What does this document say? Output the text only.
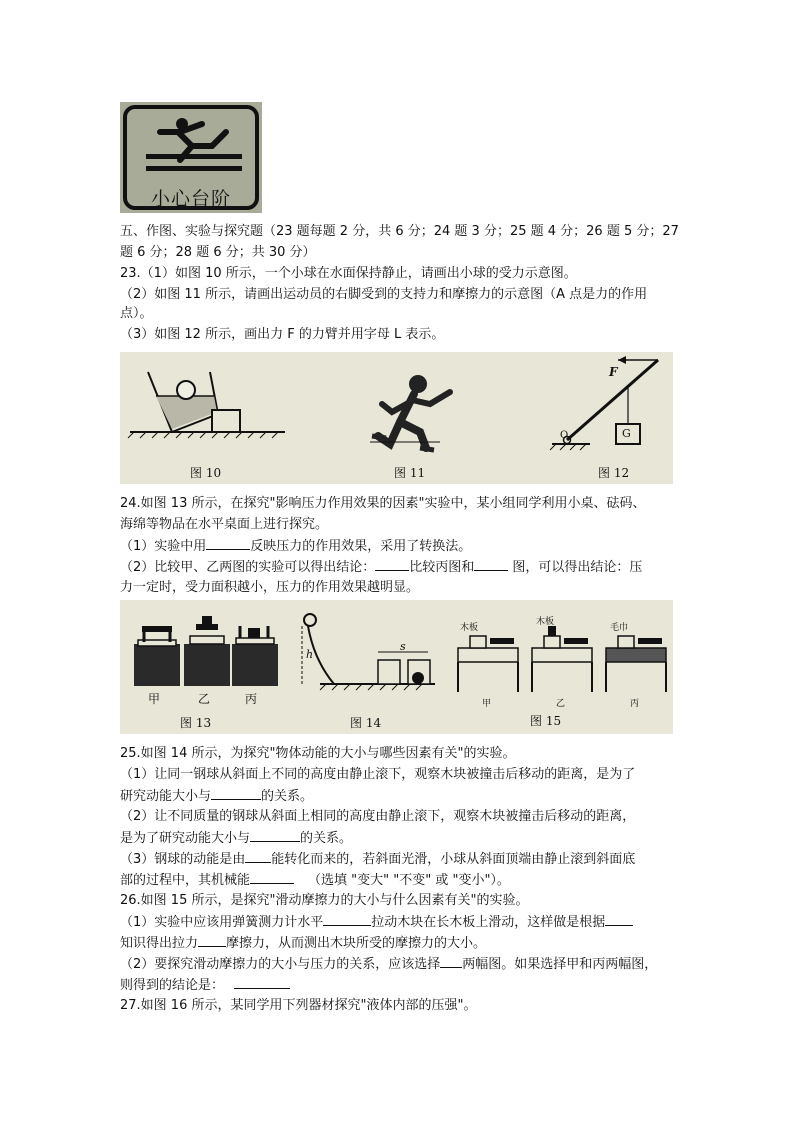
小心台阶
五、作图、实验与探究题（23 题每题 2 分，共 6 分；24 题 3 分；25 题 4 分；26 题 5 分；27
题 6 分；28 题 6 分；共 30 分）
23.（1）如图 10 所示，一个小球在水面保持静止，请画出小球的受力示意图。
（2）如图 11 所示，请画出运动员的右脚受到的支持力和摩擦力的示意图（A 点是力的作用
点）。
（3）如图 12 所示，画出力 F 的力臂并用字母 L 表示。
图 10	图 11	图 12
F
O	G
24.如图 13 所示，在探究"影响压力作用效果的因素"实验中，某小组同学利用小桌、砝码、
海绵等物品在水平桌面上进行探究。
（1）实验中用	反映压力的作用效果，采用了转换法。
（2）比较甲、乙两图的实验可以得出结论：	比较丙图和	图，可以得出结论：压
力一定时，受力面积越小，压力的作用效果越明显。
甲	乙	丙
图 13	图 14	图 15
h
s
木板
木板
毛巾
甲	乙	丙
25.如图 14 所示，为探究"物体动能的大小与哪些因素有关"的实验。
（1）让同一钢球从斜面上不同的高度由静止滚下，观察木块被撞击后移动的距离，是为了
研究动能大小与	的关系。
（2）让不同质量的钢球从斜面上相同的高度由静止滚下，观察木块被撞击后移动的距离，
是为了研究动能大小与	的关系。
（3）钢球的动能是由 能转化而来的，若斜面光滑，小球从斜面顶端由静止滚到斜面底
部的过程中，其机械能	（选填 "变大" "不变" 或 "变小"）。
26.如图 15 所示，是探究"滑动摩擦力的大小与什么因素有关"的实验。
（1）实验中应该用弹簧测力计水平	拉动木块在长木板上滑动，这样做是根据
知识得出拉力 摩擦力，从而测出木块所受的摩擦力的大小。
（2）要探究滑动摩擦力的大小与压力的关系，应该选择 两幅图。如果选择甲和丙两幅图，
则得到的结论是：
27.如图 16 所示，某同学用下列器材探究"液体内部的压强"。
